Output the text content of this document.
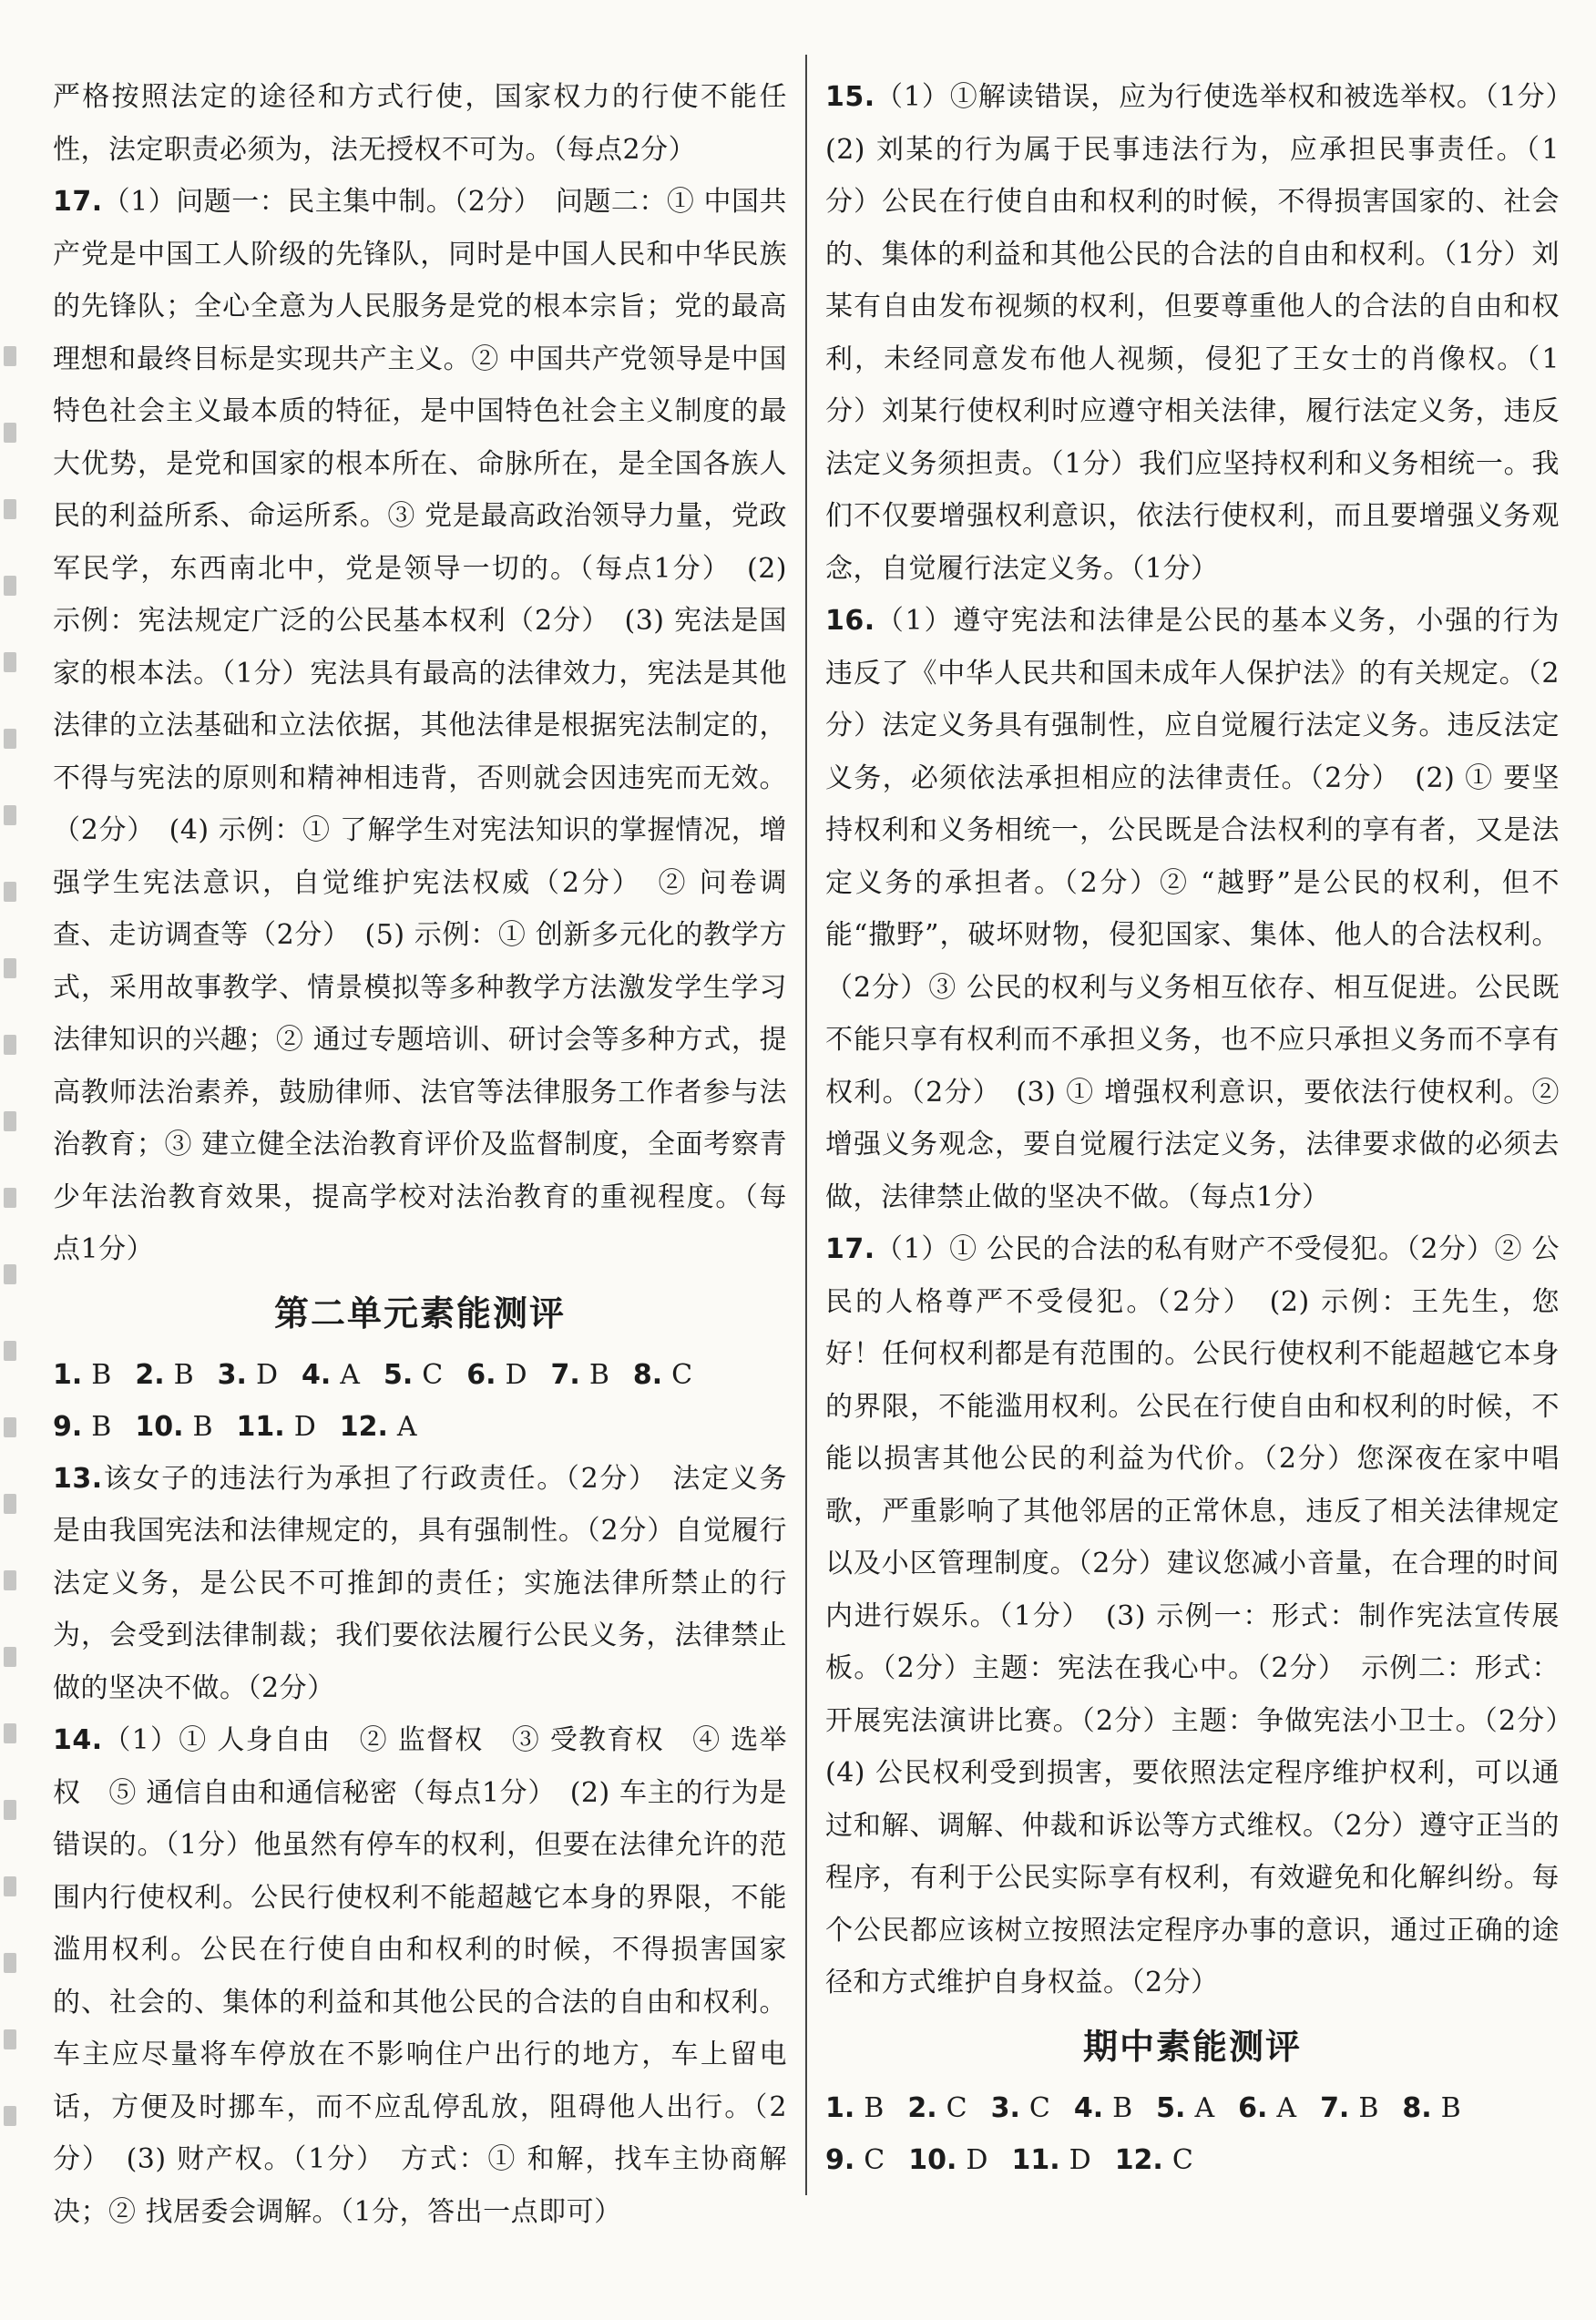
严格按照法定的途径和方式行使，国家权力的行使不能任性，法定职责必须为，法无授权不可为。（每点2分）

17.（1）问题一：民主集中制。（2分）　问题二：① 中国共产党是中国工人阶级的先锋队，同时是中国人民和中华民族的先锋队；全心全意为人民服务是党的根本宗旨；党的最高理想和最终目标是实现共产主义。② 中国共产党领导是中国特色社会主义最本质的特征，是中国特色社会主义制度的最大优势，是党和国家的根本所在、命脉所在，是全国各族人民的利益所系、命运所系。③ 党是最高政治领导力量，党政军民学，东西南北中，党是领导一切的。（每点1分）　(2) 示例：宪法规定广泛的公民基本权利（2分）　(3) 宪法是国家的根本法。（1分）宪法具有最高的法律效力，宪法是其他法律的立法基础和立法依据，其他法律是根据宪法制定的，不得与宪法的原则和精神相违背，否则就会因违宪而无效。（2分）　(4) 示例：① 了解学生对宪法知识的掌握情况，增强学生宪法意识，自觉维护宪法权威（2分）　② 问卷调查、走访调查等（2分）　(5) 示例：① 创新多元化的教学方式，采用故事教学、情景模拟等多种教学方法激发学生学习法律知识的兴趣；② 通过专题培训、研讨会等多种方式，提高教师法治素养，鼓励律师、法官等法律服务工作者参与法治教育；③ 建立健全法治教育评价及监督制度，全面考察青少年法治教育效果，提高学校对法治教育的重视程度。（每点1分）

第二单元素能测评
1. B 2. B 3. D 4. A 5. C 6. D 7. B 8. C
9. B 10. B 11. D 12. A

13.该女子的违法行为承担了行政责任。（2分）　法定义务是由我国宪法和法律规定的，具有强制性。（2分）自觉履行法定义务，是公民不可推卸的责任；实施法律所禁止的行为，会受到法律制裁；我们要依法履行公民义务，法律禁止做的坚决不做。（2分）

14.（1）① 人身自由　② 监督权　③ 受教育权　④ 选举权　⑤ 通信自由和通信秘密（每点1分）　(2) 车主的行为是错误的。（1分）他虽然有停车的权利，但要在法律允许的范围内行使权利。公民行使权利不能超越它本身的界限，不能滥用权利。公民在行使自由和权利的时候，不得损害国家的、社会的、集体的利益和其他公民的合法的自由和权利。车主应尽量将车停放在不影响住户出行的地方，车上留电话，方便及时挪车，而不应乱停乱放，阻碍他人出行。（2分）　(3) 财产权。（1分）　方式：① 和解，找车主协商解决；② 找居委会调解。（1分，答出一点即可）

15.（1）①解读错误，应为行使选举权和被选举权。（1分）　(2) 刘某的行为属于民事违法行为，应承担民事责任。（1分）公民在行使自由和权利的时候，不得损害国家的、社会的、集体的利益和其他公民的合法的自由和权利。（1分）刘某有自由发布视频的权利，但要尊重他人的合法的自由和权利，未经同意发布他人视频，侵犯了王女士的肖像权。（1分）刘某行使权利时应遵守相关法律，履行法定义务，违反法定义务须担责。（1分）我们应坚持权利和义务相统一。我们不仅要增强权利意识，依法行使权利，而且要增强义务观念，自觉履行法定义务。（1分）

16.（1）遵守宪法和法律是公民的基本义务，小强的行为违反了《中华人民共和国未成年人保护法》的有关规定。（2分）法定义务具有强制性，应自觉履行法定义务。违反法定义务，必须依法承担相应的法律责任。（2分）　(2) ① 要坚持权利和义务相统一，公民既是合法权利的享有者，又是法定义务的承担者。（2分）② “越野”是公民的权利，但不能“撒野”，破坏财物，侵犯国家、集体、他人的合法权利。（2分）③ 公民的权利与义务相互依存、相互促进。公民既不能只享有权利而不承担义务，也不应只承担义务而不享有权利。（2分）　(3) ① 增强权利意识，要依法行使权利。② 增强义务观念，要自觉履行法定义务，法律要求做的必须去做，法律禁止做的坚决不做。（每点1分）

17.（1）① 公民的合法的私有财产不受侵犯。（2分）② 公民的人格尊严不受侵犯。（2分）　(2) 示例：王先生，您好！任何权利都是有范围的。公民行使权利不能超越它本身的界限，不能滥用权利。公民在行使自由和权利的时候，不能以损害其他公民的利益为代价。（2分）您深夜在家中唱歌，严重影响了其他邻居的正常休息，违反了相关法律规定以及小区管理制度。（2分）建议您减小音量，在合理的时间内进行娱乐。（1分）　(3) 示例一：形式：制作宪法宣传展板。（2分）主题：宪法在我心中。（2分）　示例二：形式：开展宪法演讲比赛。（2分）主题：争做宪法小卫士。（2分）　(4) 公民权利受到损害，要依照法定程序维护权利，可以通过和解、调解、仲裁和诉讼等方式维权。（2分）遵守正当的程序，有利于公民实际享有权利，有效避免和化解纠纷。每个公民都应该树立按照法定程序办事的意识，通过正确的途径和方式维护自身权益。（2分）

期中素能测评
1. B 2. C 3. C 4. B 5. A 6. A 7. B 8. B
9. C 10. D 11. D 12. C
